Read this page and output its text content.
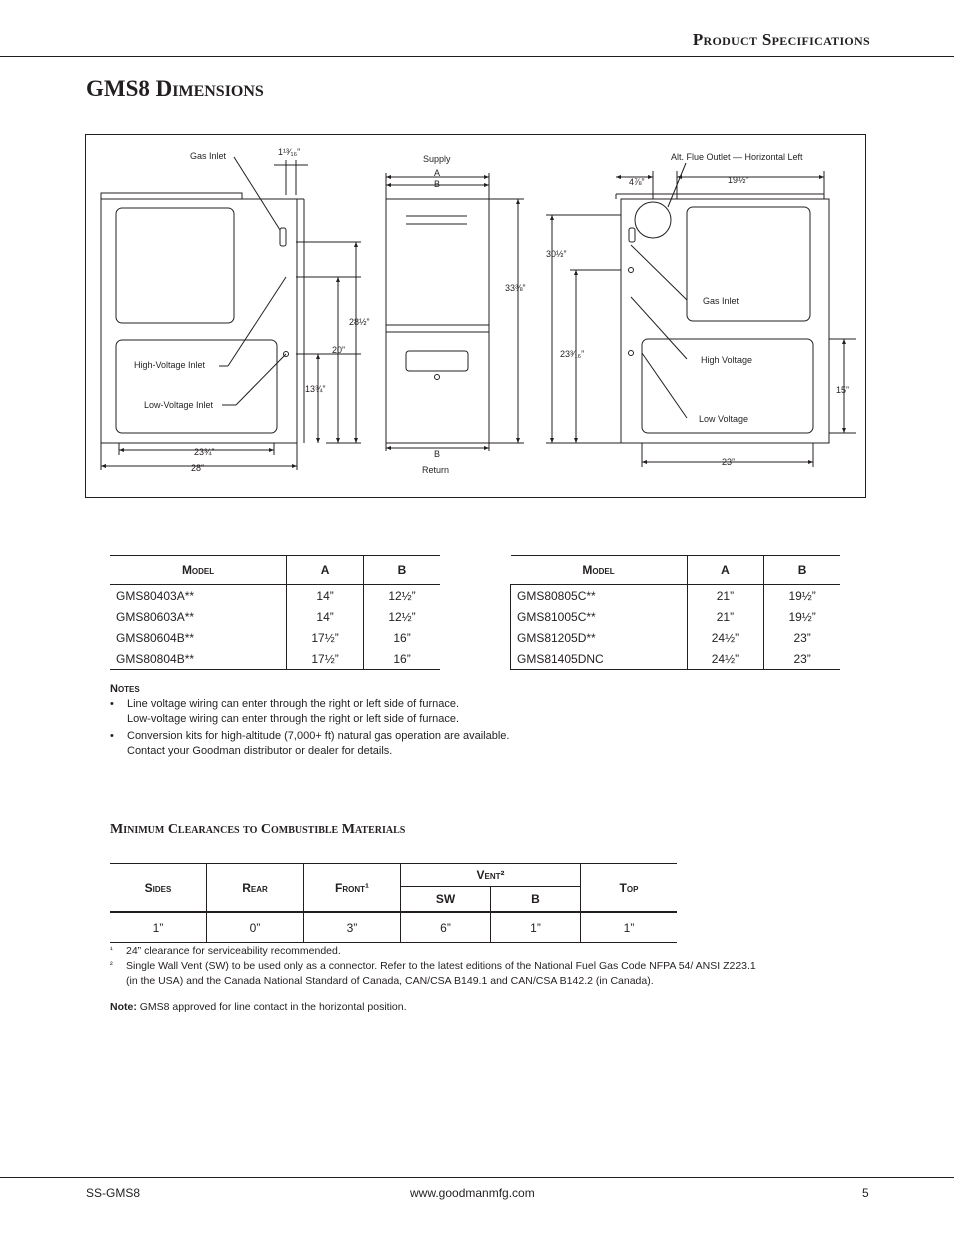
Product Specifications
GMS8 Dimensions
Gas Inlet	1¹³⁄₁₆”
Supply
A
B
Alt. Flue Outlet — Horizontal Left
4⅞”	19½”
30½”
33⅜”
28½”
20”
13¾”
High-Voltage Inlet
Low-Voltage Inlet
23¾”
28”
B
Return
23³⁄₁₆”
Gas Inlet
High Voltage
Low Voltage
15”
23”
Model	A	B
GMS80403A**	14”	12½”
GMS80603A**	14”	12½”
GMS80604B**	17½”	16”
GMS80804B**	17½”	16”
Model	A	B
GMS80805C**	21”	19½”
GMS81005C**	21”	19½”
GMS81205D**	24½”	23”
GMS81405DNC	24½”	23”
Notes
• Line voltage wiring can enter through the right or left side of furnace.
Low-voltage wiring can enter through the right or left side of furnace.
• Conversion kits for high-altitude (7,000+ ft) natural gas operation are available.
Contact your Goodman distributor or dealer for details.
Minimum Clearances to Combustible Materials
Sides	Rear	Front¹	Vent²		Top
			SW	B	
1”	0”	3”	6”	1”	1”
¹ 24” clearance for serviceability recommended.
² Single Wall Vent (SW) to be used only as a connector. Refer to the latest editions of the National Fuel Gas Code NFPA 54/ ANSI Z223.1
(in the USA) and the Canada National Standard of Canada, CAN/CSA B149.1 and CAN/CSA B142.2 (in Canada).
Note: GMS8 approved for line contact in the horizontal position.
SS-GMS8	www.goodmanmfg.com	5
